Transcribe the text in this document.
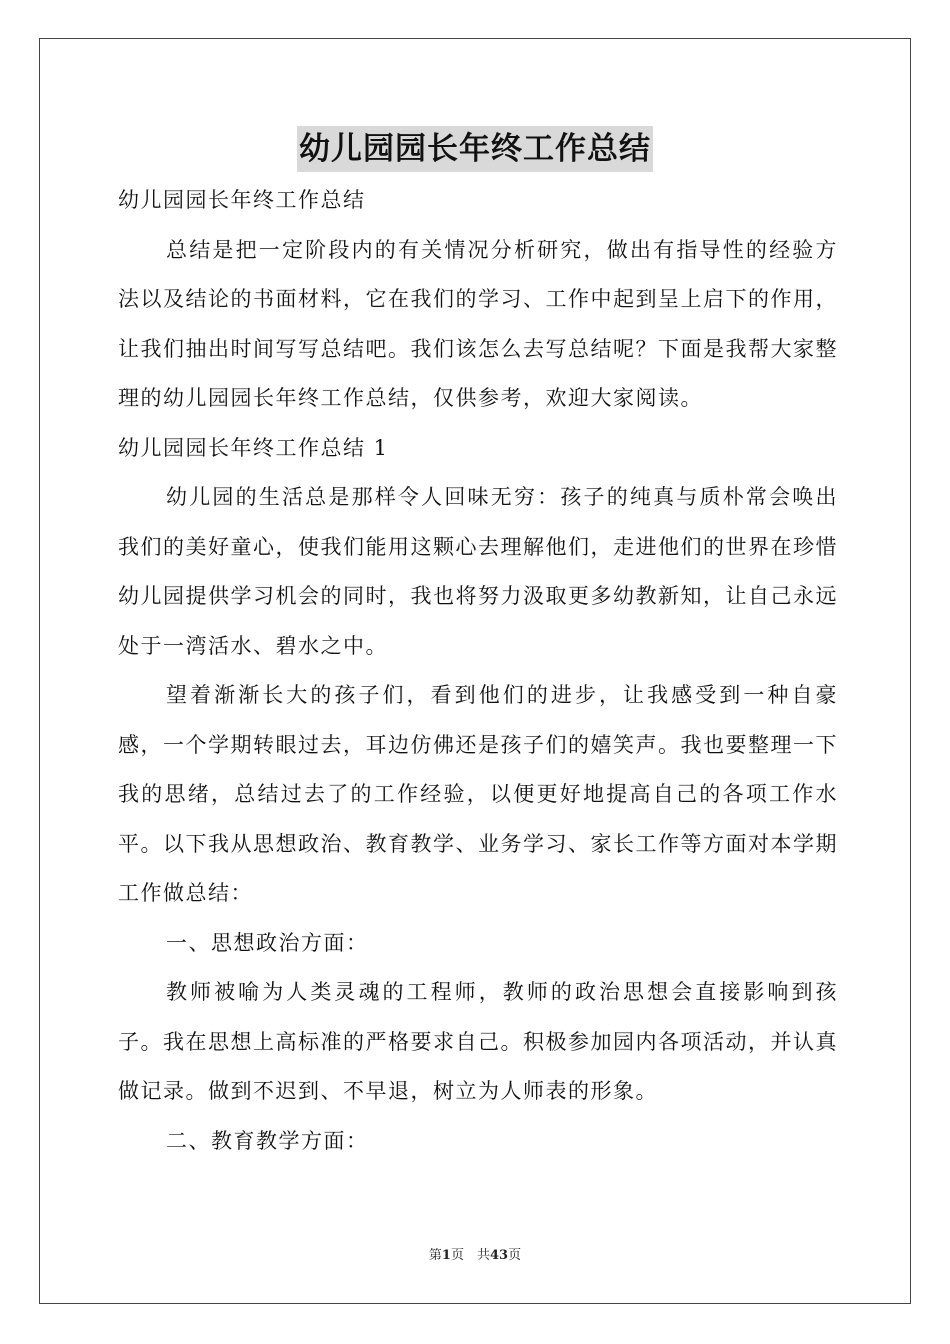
幼儿园园长年终工作总结

幼儿园园长年终工作总结

总结是把一定阶段内的有关情况分析研究，做出有指导性的经验方法以及结论的书面材料，它在我们的学习、工作中起到呈上启下的作用，让我们抽出时间写写总结吧。我们该怎么去写总结呢？下面是我帮大家整理的幼儿园园长年终工作总结，仅供参考，欢迎大家阅读。

幼儿园园长年终工作总结 1

幼儿园的生活总是那样令人回味无穷：孩子的纯真与质朴常会唤出我们的美好童心，使我们能用这颗心去理解他们，走进他们的世界在珍惜幼儿园提供学习机会的同时，我也将努力汲取更多幼教新知，让自己永远处于一湾活水、碧水之中。

望着渐渐长大的孩子们，看到他们的进步，让我感受到一种自豪感，一个学期转眼过去，耳边仿佛还是孩子们的嬉笑声。我也要整理一下我的思绪，总结过去了的工作经验，以便更好地提高自己的各项工作水平。以下我从思想政治、教育教学、业务学习、家长工作等方面对本学期工作做总结：

一、思想政治方面：

教师被喻为人类灵魂的工程师，教师的政治思想会直接影响到孩子。我在思想上高标准的严格要求自己。积极参加园内各项活动，并认真做记录。做到不迟到、不早退，树立为人师表的形象。

二、教育教学方面：

第1页　共43页
